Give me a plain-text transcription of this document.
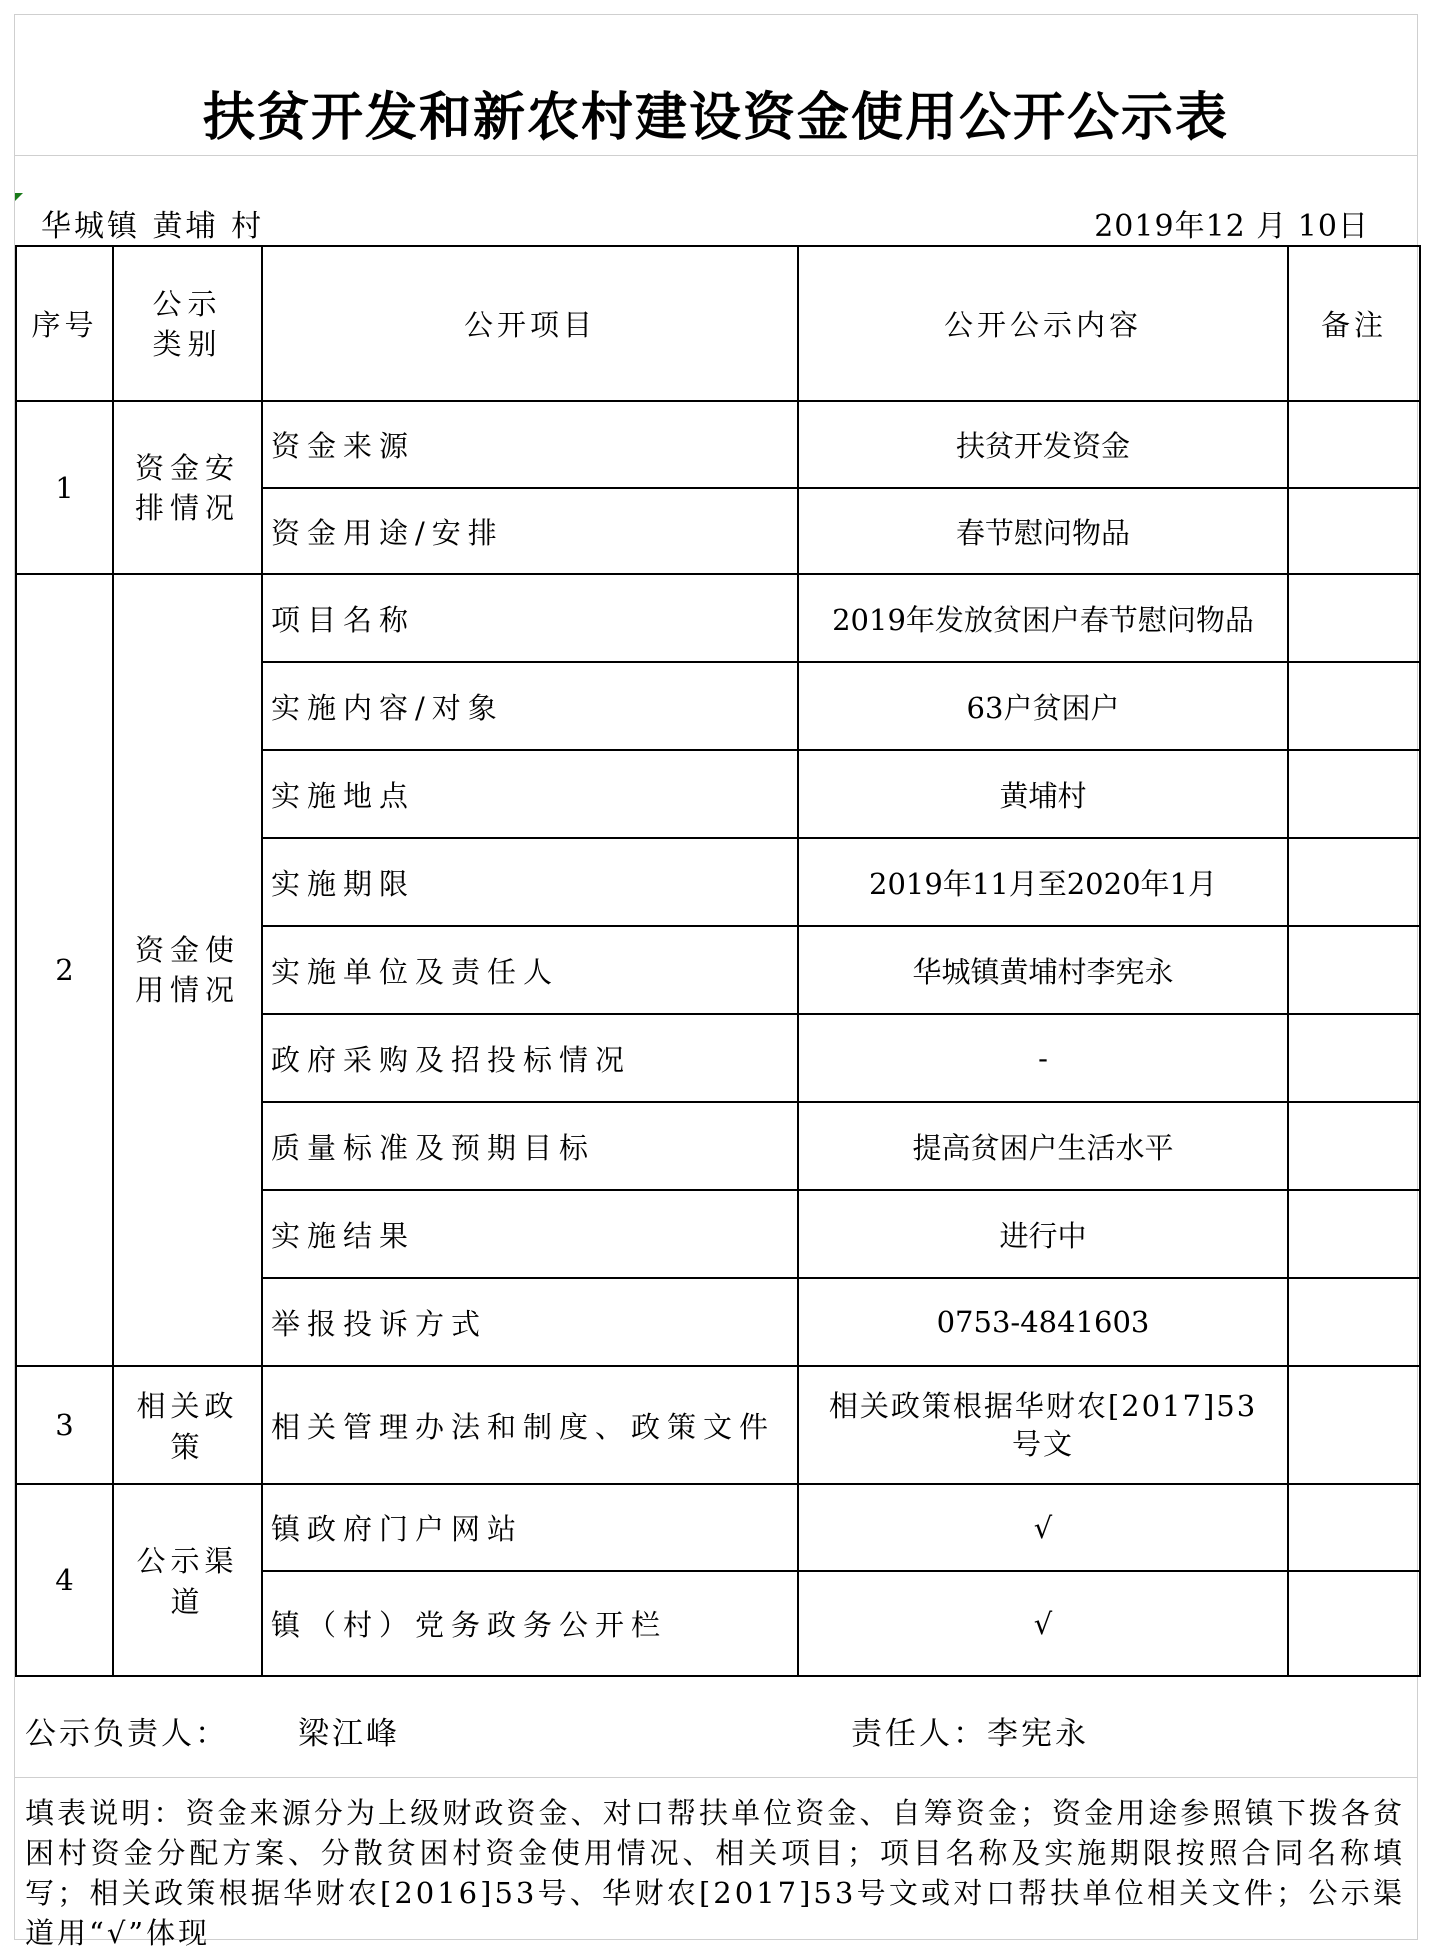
扶贫开发和新农村建设资金使用公开公示表
华城镇 黄埔 村	2019年12 月 10日
序号	公示类别	公开项目	公开公示内容	备注
1	资金安排情况	资金来源	扶贫开发资金	
		资金用途/安排	春节慰问物品	
2	资金使用情况	项目名称	2019年发放贫困户春节慰问物品	
		实施内容/对象	63户贫困户	
		实施地点	黄埔村	
		实施期限	2019年11月至2020年1月	
		实施单位及责任人	华城镇黄埔村李宪永	
		政府采购及招投标情况	-	
		质量标准及预期目标	提高贫困户生活水平	
		实施结果	进行中	
		举报投诉方式	0753-4841603	
3	相关政策	相关管理办法和制度、政策文件	相关政策根据华财农[2017]53号文	
4	公示渠道	镇政府门户网站	√	
		镇（村）党务政务公开栏	√	
公示负责人： 梁江峰	责任人：李宪永
填表说明：资金来源分为上级财政资金、对口帮扶单位资金、自筹资金；资金用途参照镇下拨各贫困村资金分配方案、分散贫困村资金使用情况、相关项目；项目名称及实施期限按照合同名称填写；相关政策根据华财农[2016]53号、华财农[2017]53号文或对口帮扶单位相关文件；公示渠道用“√”体现
